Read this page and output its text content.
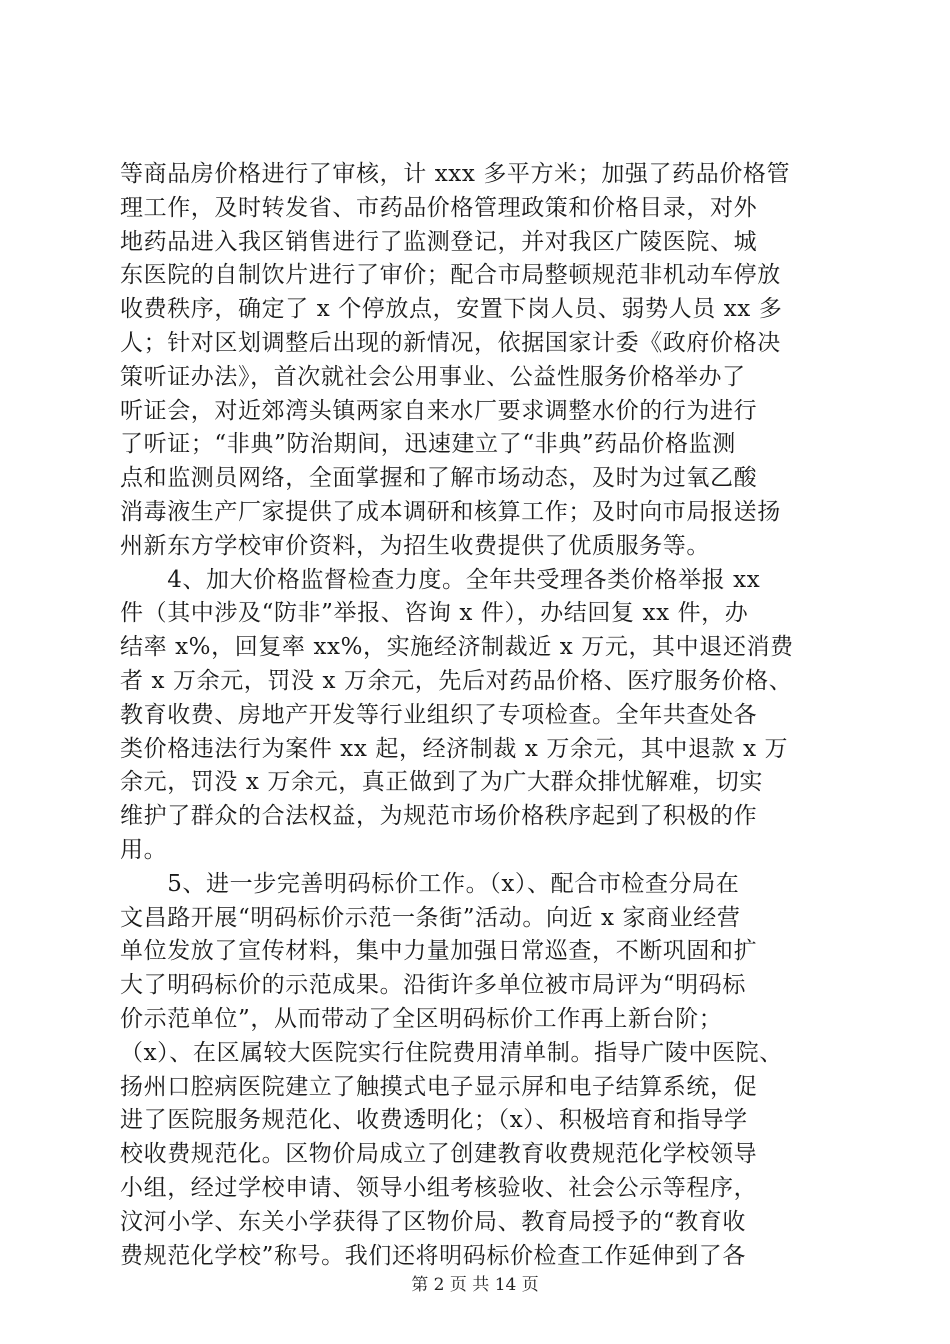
等商品房价格进行了审核，计 xxx 多平方米；加强了药品价格管
理工作，及时转发省、市药品价格管理政策和价格目录，对外
地药品进入我区销售进行了监测登记，并对我区广陵医院、城
东医院的自制饮片进行了审价；配合市局整顿规范非机动车停放
收费秩序，确定了 x 个停放点，安置下岗人员、弱势人员 xx 多
人；针对区划调整后出现的新情况，依据国家计委《政府价格决
策听证办法》，首次就社会公用事业、公益性服务价格举办了
听证会，对近郊湾头镇两家自来水厂要求调整水价的行为进行
了听证；“非典”防治期间，迅速建立了“非典”药品价格监测
点和监测员网络，全面掌握和了解市场动态，及时为过氧乙酸
消毒液生产厂家提供了成本调研和核算工作；及时向市局报送扬
州新东方学校审价资料，为招生收费提供了优质服务等。
　　4、加大价格监督检查力度。全年共受理各类价格举报 xx
件（其中涉及“防非”举报、咨询 x 件），办结回复 xx 件，办
结率 x%，回复率 xx%，实施经济制裁近 x 万元，其中退还消费
者 x 万余元，罚没 x 万余元，先后对药品价格、医疗服务价格、
教育收费、房地产开发等行业组织了专项检查。全年共查处各
类价格违法行为案件 xx 起，经济制裁 x 万余元，其中退款 x 万
余元，罚没 x 万余元，真正做到了为广大群众排忧解难，切实
维护了群众的合法权益，为规范市场价格秩序起到了积极的作
用。
　　5、进一步完善明码标价工作。（x）、配合市检查分局在
文昌路开展“明码标价示范一条街”活动。向近 x 家商业经营
单位发放了宣传材料，集中力量加强日常巡查，不断巩固和扩
大了明码标价的示范成果。沿街许多单位被市局评为“明码标
价示范单位”，从而带动了全区明码标价工作再上新台阶；
（x）、在区属较大医院实行住院费用清单制。指导广陵中医院、
扬州口腔病医院建立了触摸式电子显示屏和电子结算系统，促
进了医院服务规范化、收费透明化；（x）、积极培育和指导学
校收费规范化。区物价局成立了创建教育收费规范化学校领导
小组，经过学校申请、领导小组考核验收、社会公示等程序，
汶河小学、东关小学获得了区物价局、教育局授予的“教育收
费规范化学校”称号。我们还将明码标价检查工作延伸到了各
第 2 页 共 14 页
